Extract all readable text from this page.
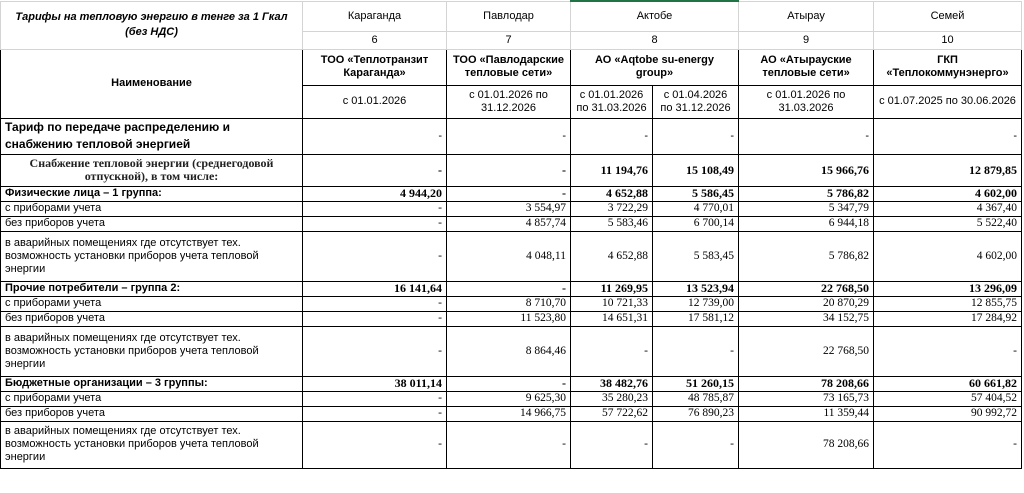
Тарифы на тепловую энергию в тенге за 1 Гкал (без НДС)	Караганда	Павлодар	Актобе		Атырау	Семей
	6	7	8		9	10
Наименование	ТОО «Теплотранзит Караганда»	ТОО «Павлодарские тепловые сети»	АО «Aqtobe su-energy group»		АО «Атырауские тепловые сети»	ГКП «Теплокоммунэнерго»
	с 01.01.2026	с 01.01.2026 по 31.12.2026	с 01.01.2026 по 31.03.2026	с 01.04.2026 по 31.12.2026	с 01.01.2026 по 31.03.2026	с 01.07.2025 по 30.06.2026
Тариф по передаче распределению и снабжению тепловой энергией	-	-	-	-	-	-
Снабжение тепловой энергии (среднегодовой отпускной), в том числе:	-	-	11 194,76	15 108,49	15 966,76	12 879,85
Физические лица – 1 группа:	4 944,20	-	4 652,88	5 586,45	5 786,82	4 602,00
с приборами учета	-	3 554,97	3 722,29	4 770,01	5 347,79	4 367,40
без приборов учета	-	4 857,74	5 583,46	6 700,14	6 944,18	5 522,40
в аварийных помещениях где отсутствует тех. возможность установки приборов учета тепловой энергии	-	4 048,11	4 652,88	5 583,45	5 786,82	4 602,00
Прочие потребители – группа 2:	16 141,64	-	11 269,95	13 523,94	22 768,50	13 296,09
с приборами учета	-	8 710,70	10 721,33	12 739,00	20 870,29	12 855,75
без приборов учета	-	11 523,80	14 651,31	17 581,12	34 152,75	17 284,92
в аварийных помещениях где отсутствует тех. возможность установки приборов учета тепловой энергии	-	8 864,46	-	-	22 768,50	-
Бюджетные организации – 3 группы:	38 011,14	-	38 482,76	51 260,15	78 208,66	60 661,82
с приборами учета	-	9 625,30	35 280,23	48 785,87	73 165,73	57 404,52
без приборов учета	-	14 966,75	57 722,62	76 890,23	11 359,44	90 992,72
в аварийных помещениях где отсутствует тех. возможность установки приборов учета тепловой энергии	-	-	-	-	78 208,66	-
